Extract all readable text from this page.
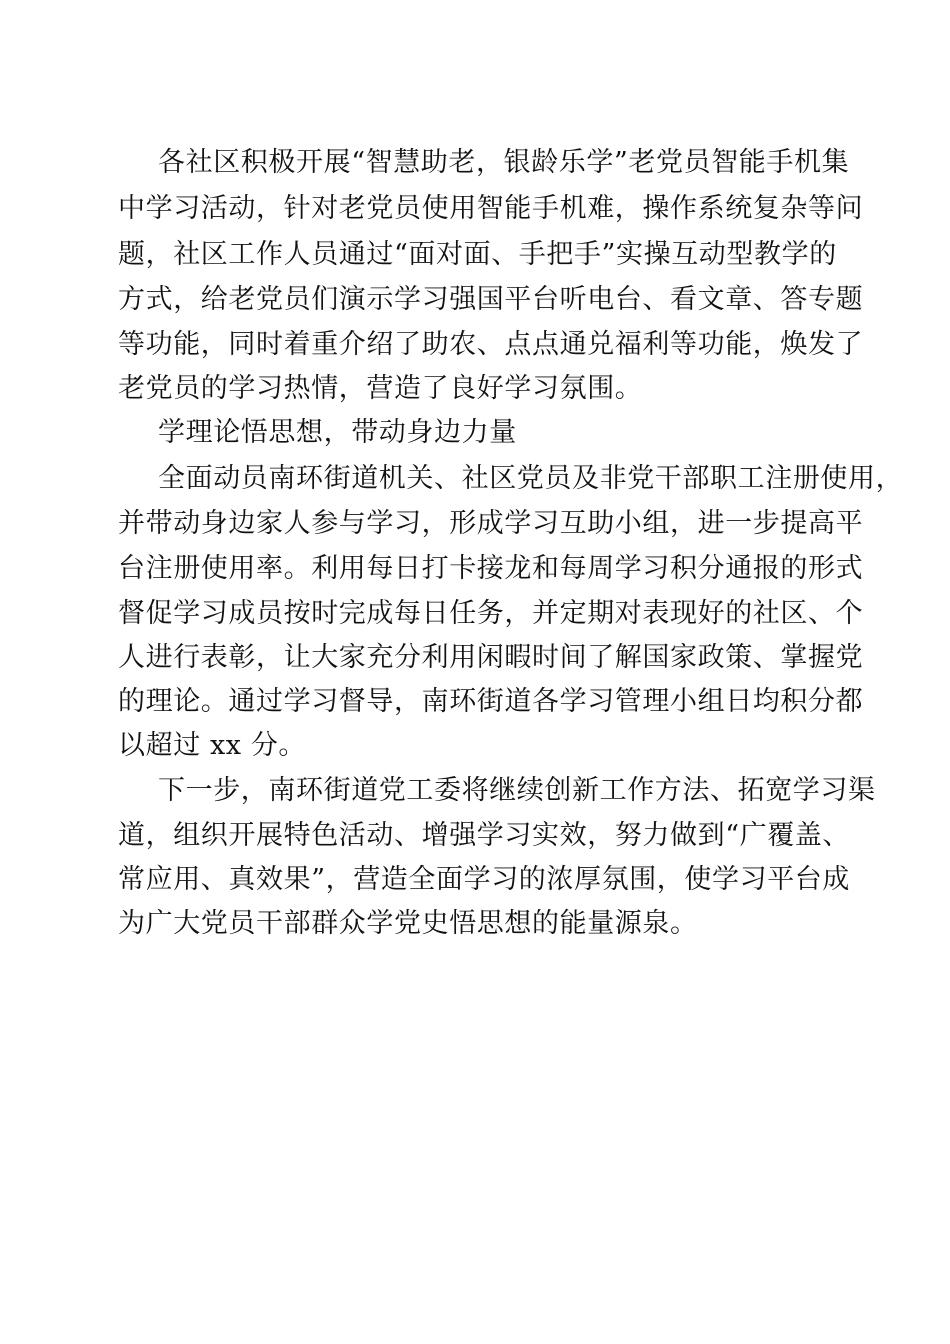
各社区积极开展“智慧助老，银龄乐学”老党员智能手机集
中学习活动，针对老党员使用智能手机难，操作系统复杂等问
题，社区工作人员通过“面对面、手把手”实操互动型教学的
方式，给老党员们演示学习强国平台听电台、看文章、答专题
等功能，同时着重介绍了助农、点点通兑福利等功能，焕发了
老党员的学习热情，营造了良好学习氛围。
学理论悟思想，带动身边力量
全面动员南环街道机关、社区党员及非党干部职工注册使用，
并带动身边家人参与学习，形成学习互助小组，进一步提高平
台注册使用率。利用每日打卡接龙和每周学习积分通报的形式
督促学习成员按时完成每日任务，并定期对表现好的社区、个
人进行表彰，让大家充分利用闲暇时间了解国家政策、掌握党
的理论。通过学习督导，南环街道各学习管理小组日均积分都
以超过 xx 分。
下一步，南环街道党工委将继续创新工作方法、拓宽学习渠
道，组织开展特色活动、增强学习实效，努力做到“广覆盖、
常应用、真效果”，营造全面学习的浓厚氛围，使学习平台成
为广大党员干部群众学党史悟思想的能量源泉。
